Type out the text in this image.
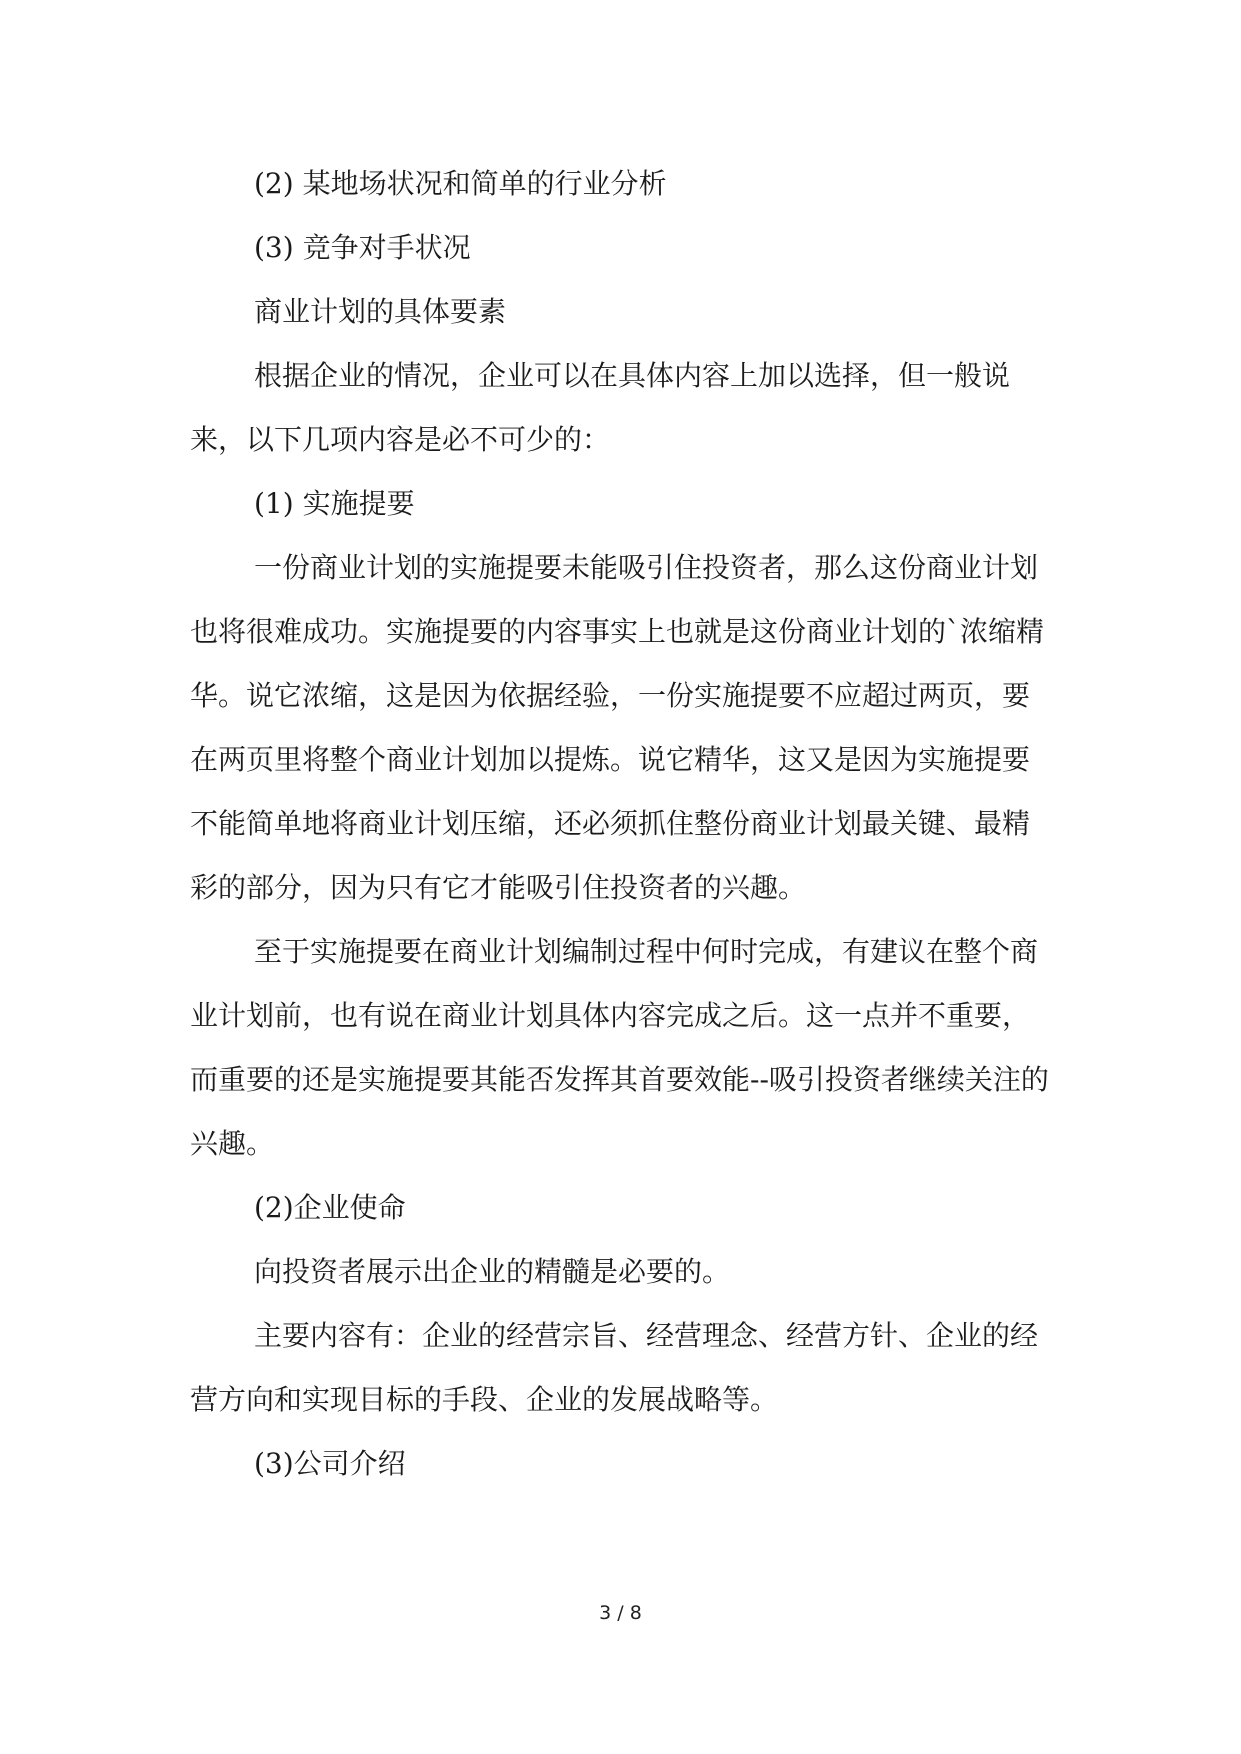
(2) 某地场状况和简单的行业分析

(3) 竞争对手状况

商业计划的具体要素

根据企业的情况，企业可以在具体内容上加以选择，但一般说来，以下几项内容是必不可少的：

(1) 实施提要

一份商业计划的实施提要未能吸引住投资者，那么这份商业计划也将很难成功。实施提要的内容事实上也就是这份商业计划的`浓缩精华。说它浓缩，这是因为依据经验，一份实施提要不应超过两页，要在两页里将整个商业计划加以提炼。说它精华，这又是因为实施提要不能简单地将商业计划压缩，还必须抓住整份商业计划最关键、最精彩的部分，因为只有它才能吸引住投资者的兴趣。

至于实施提要在商业计划编制过程中何时完成，有建议在整个商业计划前，也有说在商业计划具体内容完成之后。这一点并不重要，而重要的还是实施提要其能否发挥其首要效能--吸引投资者继续关注的兴趣。

(2)企业使命

向投资者展示出企业的精髓是必要的。

主要内容有：企业的经营宗旨、经营理念、经营方针、企业的经营方向和实现目标的手段、企业的发展战略等。

(3)公司介绍

3 / 8
